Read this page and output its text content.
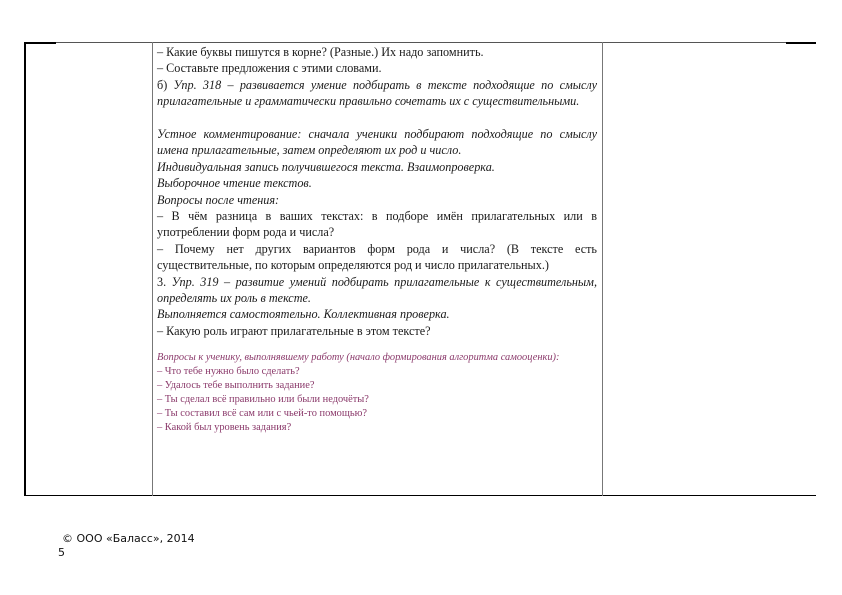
– Какие буквы пишутся в корне? (Разные.) Их надо запомнить.

– Составьте предложения с этими словами.

б) Упр. 318 – развивается умение подбирать в тексте подходящие по смыслу прилагательные и грамматически правильно сочетать их с существительными.

Устное комментирование: сначала ученики подбирают подходящие по смыслу имена прилагательные, затем определяют их род и число.

Индивидуальная запись получившегося текста. Взаимопроверка.

Выборочное чтение текстов.

Вопросы после чтения:

– В чём разница в ваших текстах: в подборе имён прилагательных или в употреблении форм рода и числа?

– Почему нет других вариантов форм рода и числа? (В тексте есть существительные, по которым определяются род и число прилагательных.)

3. Упр. 319 – развитие умений подбирать прилагательные к существительным, определять их роль в тексте.

Выполняется самостоятельно. Коллективная проверка.

– Какую роль играют прилагательные в этом тексте?

Вопросы к ученику, выполнявшему работу (начало формирования алгоритма самооценки):

– Что тебе нужно было сделать?

– Удалось тебе выполнить задание?

– Ты сделал всё правильно или были недочёты?

– Ты составил всё сам или с чьей-то помощью?

– Какой был уровень задания?

© ООО «Баласс», 2014
5
